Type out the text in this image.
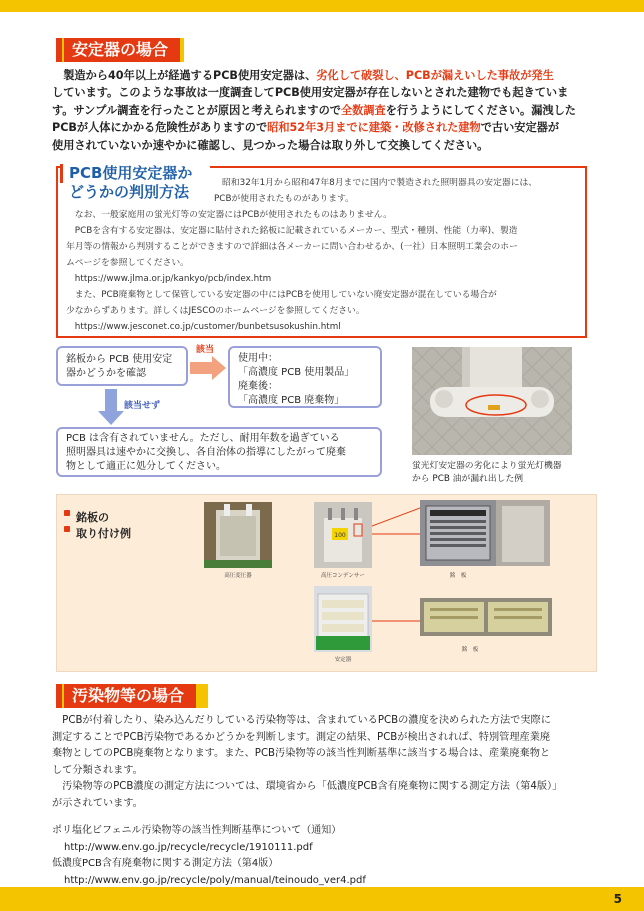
安定器の場合
　製造から40年以上が経過するPCB使用安定器は、劣化して破裂し、PCBが漏えいした事故が発生
しています。このような事故は一度調査してPCB使用安定器が存在しないとされた建物でも起きていま
す。サンプル調査を行ったことが原因と考えられますので全数調査を行うようにしてください。漏洩した
PCBが人体にかかる危険性がありますので昭和52年3月までに建築・改修された建物で古い安定器が
使用されていないか速やかに確認し、見つかった場合は取り外して交換してください。
PCB使用安定器か
どうかの判別方法	昭和32年1月から昭和47年8月までに国内で製造された照明器具の安定器には、
PCBが使用されたものがあります。
　なお、一般家庭用の蛍光灯等の安定器にはPCBが使用されたものはありません。
　PCBを含有する安定器は、安定器に貼付された銘板に記載されているメーカー、型式・種別、性能（力率)、製造
年月等の情報から判別することができますので詳細は各メーカーに問い合わせるか、(一社）日本照明工業会のホー
ムページを参照してください。
　https://www.jlma.or.jp/kankyo/pcb/index.htm
　また、PCB廃棄物として保管している安定器の中にはPCBを使用していない廃安定器が混在している場合が
少なからずあります。詳しくはJESCOのホームページを参照してください。
　https://www.jesconet.co.jp/customer/bunbetsusokushin.html
銘板から PCB 使用安定
器かどうかを確認
該当
使用中：
「高濃度 PCB 使用製品」
廃棄後：
「高濃度 PCB 廃棄物」
該当せず
PCB は含有されていません。ただし、耐用年数を過ぎている
照明器具は速やかに交換し、各自治体の指導にしたがって廃棄
物として適正に処分してください。	蛍光灯安定器の劣化により蛍光灯機器
から PCB 油が漏れ出した例
銘板の
取り付け例
高圧変圧器
100
高圧コンデンサー	銘　板
安定器
銘　板
汚染物等の場合
　PCBが付着したり、染み込んだりしている汚染物等は、含まれているPCBの濃度を決められた方法で実際に
測定することでPCB汚染物であるかどうかを判断します。測定の結果、PCBが検出されれば、特別管理産業廃
棄物としてのPCB廃棄物となります。また、PCB汚染物等の該当性判断基準に該当する場合は、産業廃棄物と
して分類されます。
　汚染物等のPCB濃度の測定方法については、環境省から「低濃度PCB含有廃棄物に関する測定方法（第4版）」
が示されています。
ポリ塩化ビフェニル汚染物等の該当性判断基準について（通知）
http://www.env.go.jp/recycle/recycle/1910111.pdf
低濃度PCB含有廃棄物に関する測定方法（第4版）
http://www.env.go.jp/recycle/poly/manual/teinoudo_ver4.pdf
5
